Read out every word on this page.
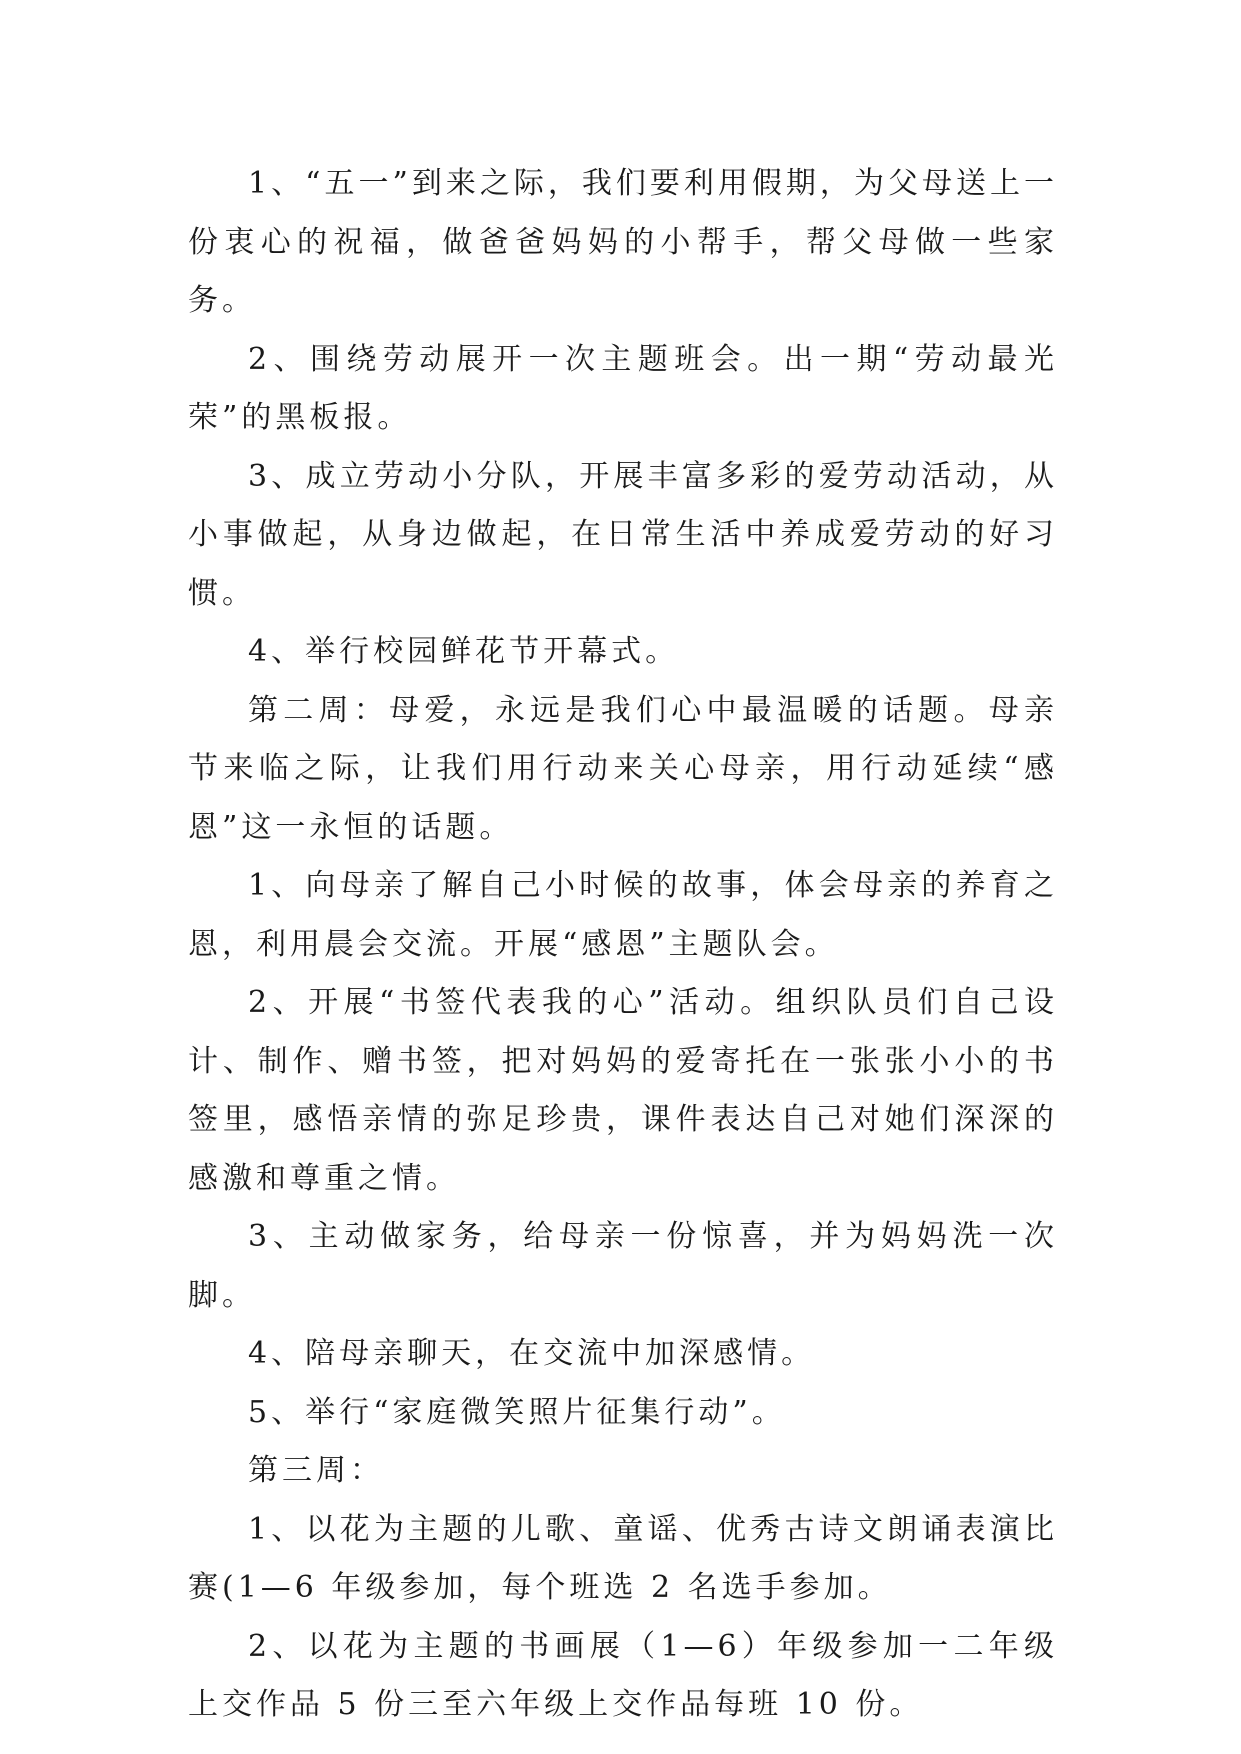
1、“五一”到来之际，我们要利用假期，为父母送上一份衷心的祝福，做爸爸妈妈的小帮手，帮父母做一些家务。

2、围绕劳动展开一次主题班会。出一期“劳动最光荣”的黑板报。

3、成立劳动小分队，开展丰富多彩的爱劳动活动，从小事做起，从身边做起，在日常生活中养成爱劳动的好习惯。

4、举行校园鲜花节开幕式。

第二周：母爱，永远是我们心中最温暖的话题。母亲节来临之际，让我们用行动来关心母亲，用行动延续“感恩”这一永恒的话题。

1、向母亲了解自己小时候的故事，体会母亲的养育之恩，利用晨会交流。开展“感恩”主题队会。

2、开展“书签代表我的心”活动。组织队员们自己设计、制作、赠书签，把对妈妈的爱寄托在一张张小小的书签里，感悟亲情的弥足珍贵，课件表达自己对她们深深的感激和尊重之情。

3、主动做家务，给母亲一份惊喜，并为妈妈洗一次脚。

4、陪母亲聊天，在交流中加深感情。

5、举行“家庭微笑照片征集行动”。

第三周：

1、以花为主题的儿歌、童谣、优秀古诗文朗诵表演比赛(1—6 年级参加，每个班选 2 名选手参加。

2、以花为主题的书画展（1—6）年级参加一二年级上交作品 5 份三至六年级上交作品每班 10 份。
